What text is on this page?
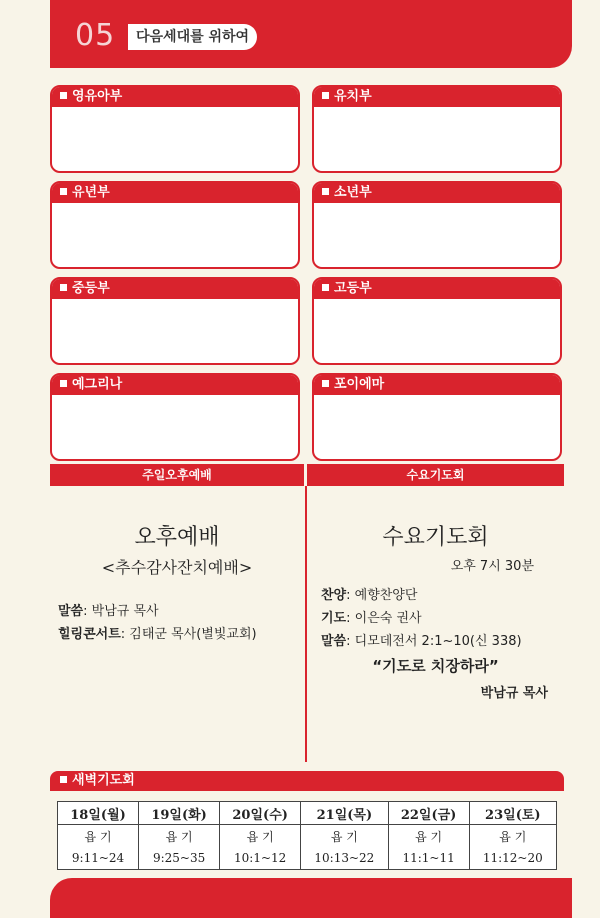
05	다음세대를 위하여
영유아부	유치부
유년부	소년부
중등부	고등부
예그리나	포이에마
주일오후예배	수요기도회
오후예배
<추수감사잔치예배>
말씀: 박남규 목사
힐링콘서트: 김태군 목사(별빛교회)
수요기도회
오후 7시 30분
찬양: 예향찬양단
기도: 이은숙 권사
말씀: 디모데전서 2:1~10(신 338)
“기도로 치장하라”
박남규 목사
새벽기도회
18일(월)	19일(화)	20일(수)	21일(목)	22일(금)	23일(토)
욥 기	욥 기	욥 기	욥 기	욥 기	욥 기
9:11~24	9:25~35	10:1~12	10:13~22	11:1~11	11:12~20
